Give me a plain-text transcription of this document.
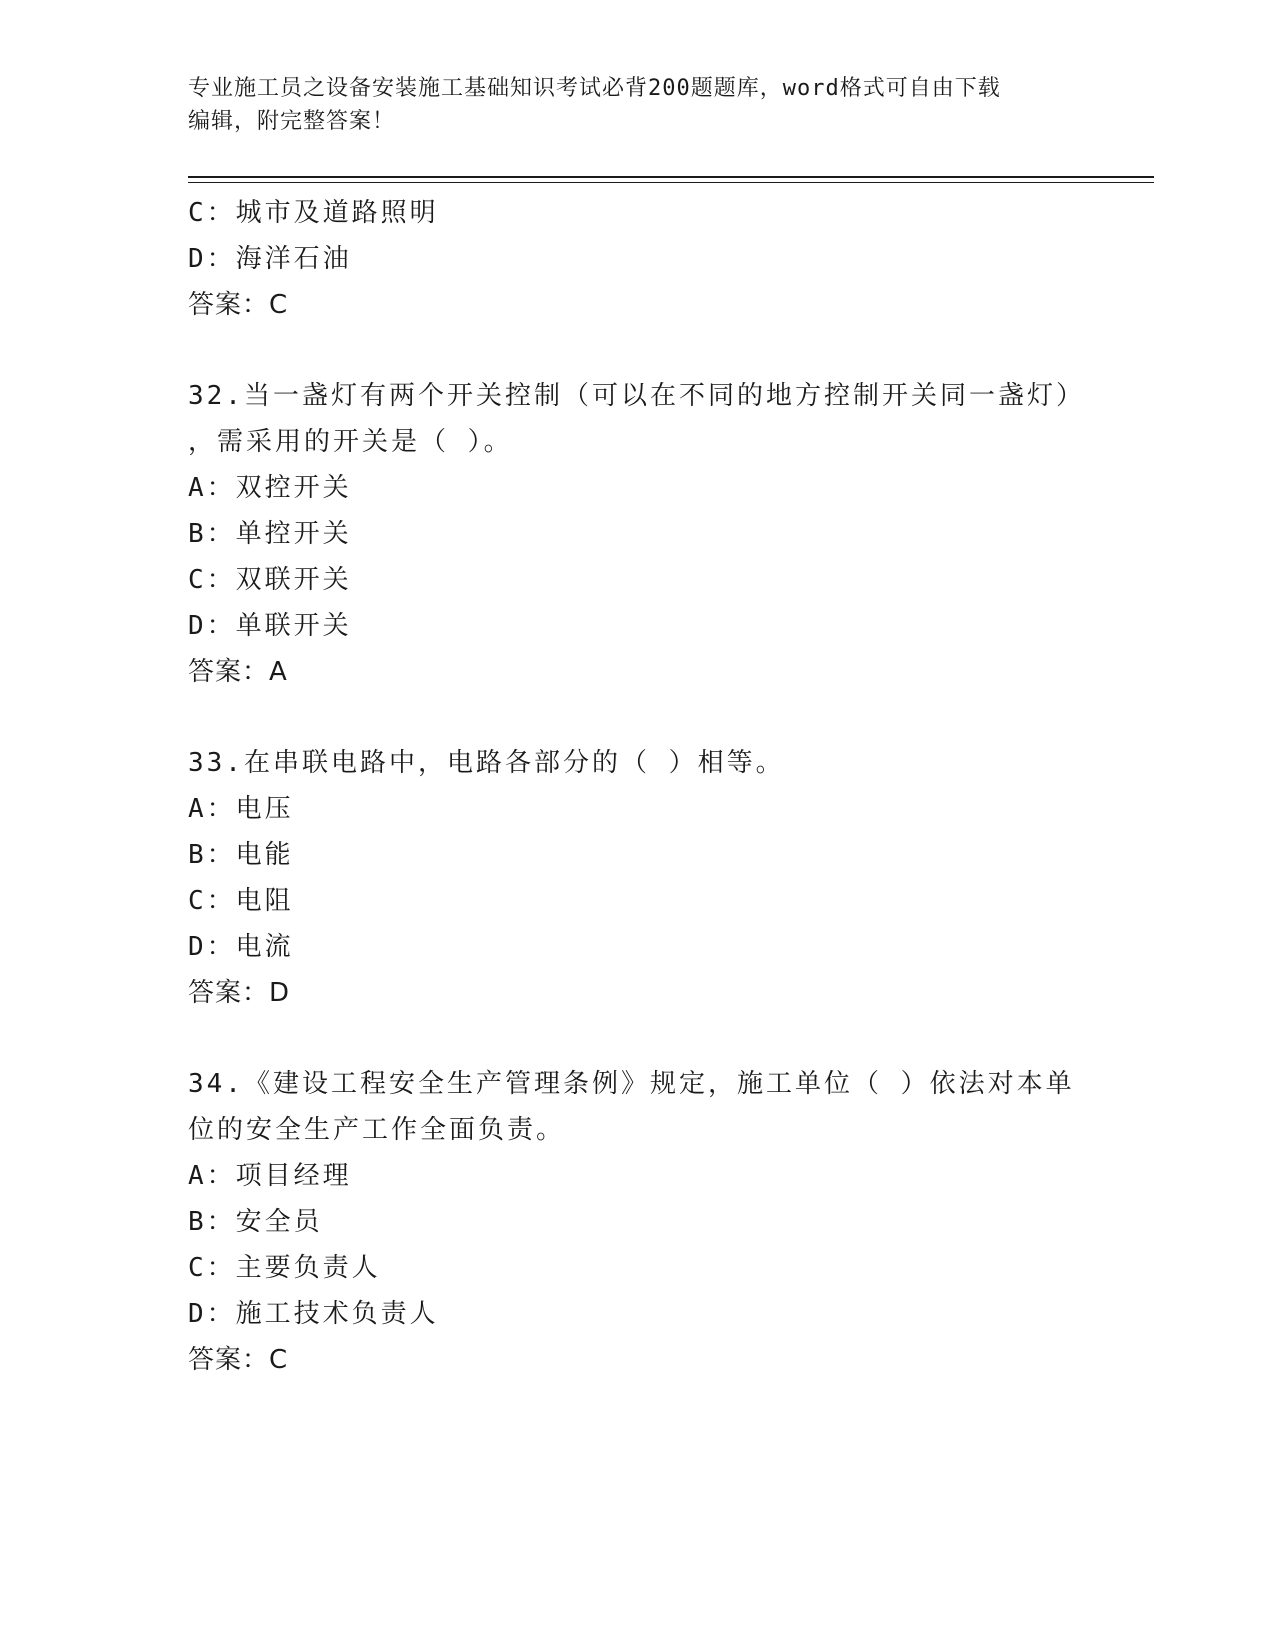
专业施工员之设备安装施工基础知识考试必背200题题库，word格式可自由下载
编辑，附完整答案！
C：城市及道路照明
D：海洋石油
答案：C
32.当一盏灯有两个开关控制（可以在不同的地方控制开关同一盏灯）
，需采用的开关是（ ）。
A：双控开关
B：单控开关
C：双联开关
D：单联开关
答案：A
33.在串联电路中，电路各部分的（ ）相等。
A：电压
B：电能
C：电阻
D：电流
答案：D
34.《建设工程安全生产管理条例》规定，施工单位（ ）依法对本单
位的安全生产工作全面负责。
A：项目经理
B：安全员
C：主要负责人
D：施工技术负责人
答案：C
